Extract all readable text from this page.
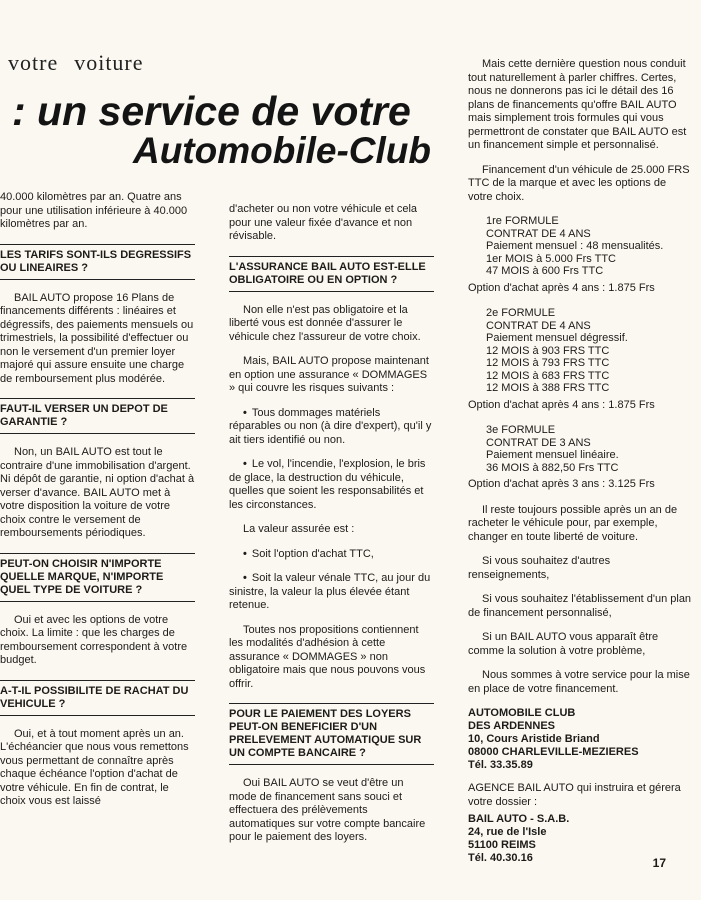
votre voiture
: un service de votre
Automobile-Club

40.000 kilomètres par an. Quatre ans pour une utilisation inférieure à 40.000 kilomètres par an.

LES TARIFS SONT-ILS DEGRESSIFS OU LINEAIRES ?

BAIL AUTO propose 16 Plans de financements différents : linéaires et dégressifs, des paiements mensuels ou trimestriels, la possibilité d'effectuer ou non le versement d'un premier loyer majoré qui assure ensuite une charge de remboursement plus modérée.

FAUT-IL VERSER UN DEPOT DE GARANTIE ?

Non, un BAIL AUTO est tout le contraire d'une immobilisation d'argent. Ni dépôt de garantie, ni option d'achat à verser d'avance. BAIL AUTO met à votre disposition la voiture de votre choix contre le versement de remboursements périodiques.

PEUT-ON CHOISIR N'IMPORTE QUELLE MARQUE, N'IMPORTE QUEL TYPE DE VOITURE ?

Oui et avec les options de votre choix. La limite : que les charges de remboursement correspondent à votre budget.

A-T-IL POSSIBILITE DE RACHAT DU VEHICULE ?

Oui, et à tout moment après un an. L'échéancier que nous vous remettons vous permettant de connaître après chaque échéance l'option d'achat de votre véhicule. En fin de contrat, le choix vous est laissé

d'acheter ou non votre véhicule et cela pour une valeur fixée d'avance et non révisable.

L'ASSURANCE BAIL AUTO EST-ELLE OBLIGATOIRE OU EN OPTION ?

Non elle n'est pas obligatoire et la liberté vous est donnée d'assurer le véhicule chez l'assureur de votre choix.

Mais, BAIL AUTO propose maintenant en option une assurance « DOMMAGES » qui couvre les risques suivants :

• Tous dommages matériels réparables ou non (à dire d'expert), qu'il y ait tiers identifié ou non.

• Le vol, l'incendie, l'explosion, le bris de glace, la destruction du véhicule, quelles que soient les responsabilités et les circonstances.

La valeur assurée est :

• Soit l'option d'achat TTC,

• Soit la valeur vénale TTC, au jour du sinistre, la valeur la plus élevée étant retenue.

Toutes nos propositions contiennent les modalités d'adhésion à cette assurance « DOMMAGES » non obligatoire mais que nous pouvons vous offrir.

POUR LE PAIEMENT DES LOYERS PEUT-ON BENEFICIER D'UN PRELEVEMENT AUTOMATIQUE SUR UN COMPTE BANCAIRE ?

Oui BAIL AUTO se veut d'être un mode de financement sans souci et effectuera des prélèvements automatiques sur votre compte bancaire pour le paiement des loyers.

Mais cette dernière question nous conduit tout naturellement à parler chiffres. Certes, nous ne donnerons pas ici le détail des 16 plans de financements qu'offre BAIL AUTO mais simplement trois formules qui vous permettront de constater que BAIL AUTO est un financement simple et personnalisé.

Financement d'un véhicule de 25.000 FRS TTC de la marque et avec les options de votre choix.

1re FORMULE
CONTRAT DE 4 ANS
Paiement mensuel : 48 mensualités.
1er MOIS à 5.000 Frs TTC
47 MOIS à 600 Frs TTC
Option d'achat après 4 ans : 1.875 Frs
2e FORMULE
CONTRAT DE 4 ANS
Paiement mensuel dégressif.
12 MOIS à 903 FRS TTC
12 MOIS à 793 FRS TTC
12 MOIS à 683 FRS TTC
12 MOIS à 388 FRS TTC
Option d'achat après 4 ans : 1.875 Frs
3e FORMULE
CONTRAT DE 3 ANS
Paiement mensuel linéaire.
36 MOIS à 882,50 Frs TTC
Option d'achat après 3 ans : 3.125 Frs

Il reste toujours possible après un an de racheter le véhicule pour, par exemple, changer en toute liberté de voiture.

Si vous souhaitez d'autres renseignements,

Si vous souhaitez l'établissement d'un plan de financement personnalisé,

Si un BAIL AUTO vous apparaît être comme la solution à votre problème,

Nous sommes à votre service pour la mise en place de votre financement.

AUTOMOBILE CLUB
DES ARDENNES
10, Cours Aristide Briand
08000 CHARLEVILLE-MEZIERES
Tél. 33.35.89

AGENCE BAIL AUTO qui instruira et gérera votre dossier :

BAIL AUTO - S.A.B.
24, rue de l'Isle
51100 REIMS
Tél. 40.30.16	17
